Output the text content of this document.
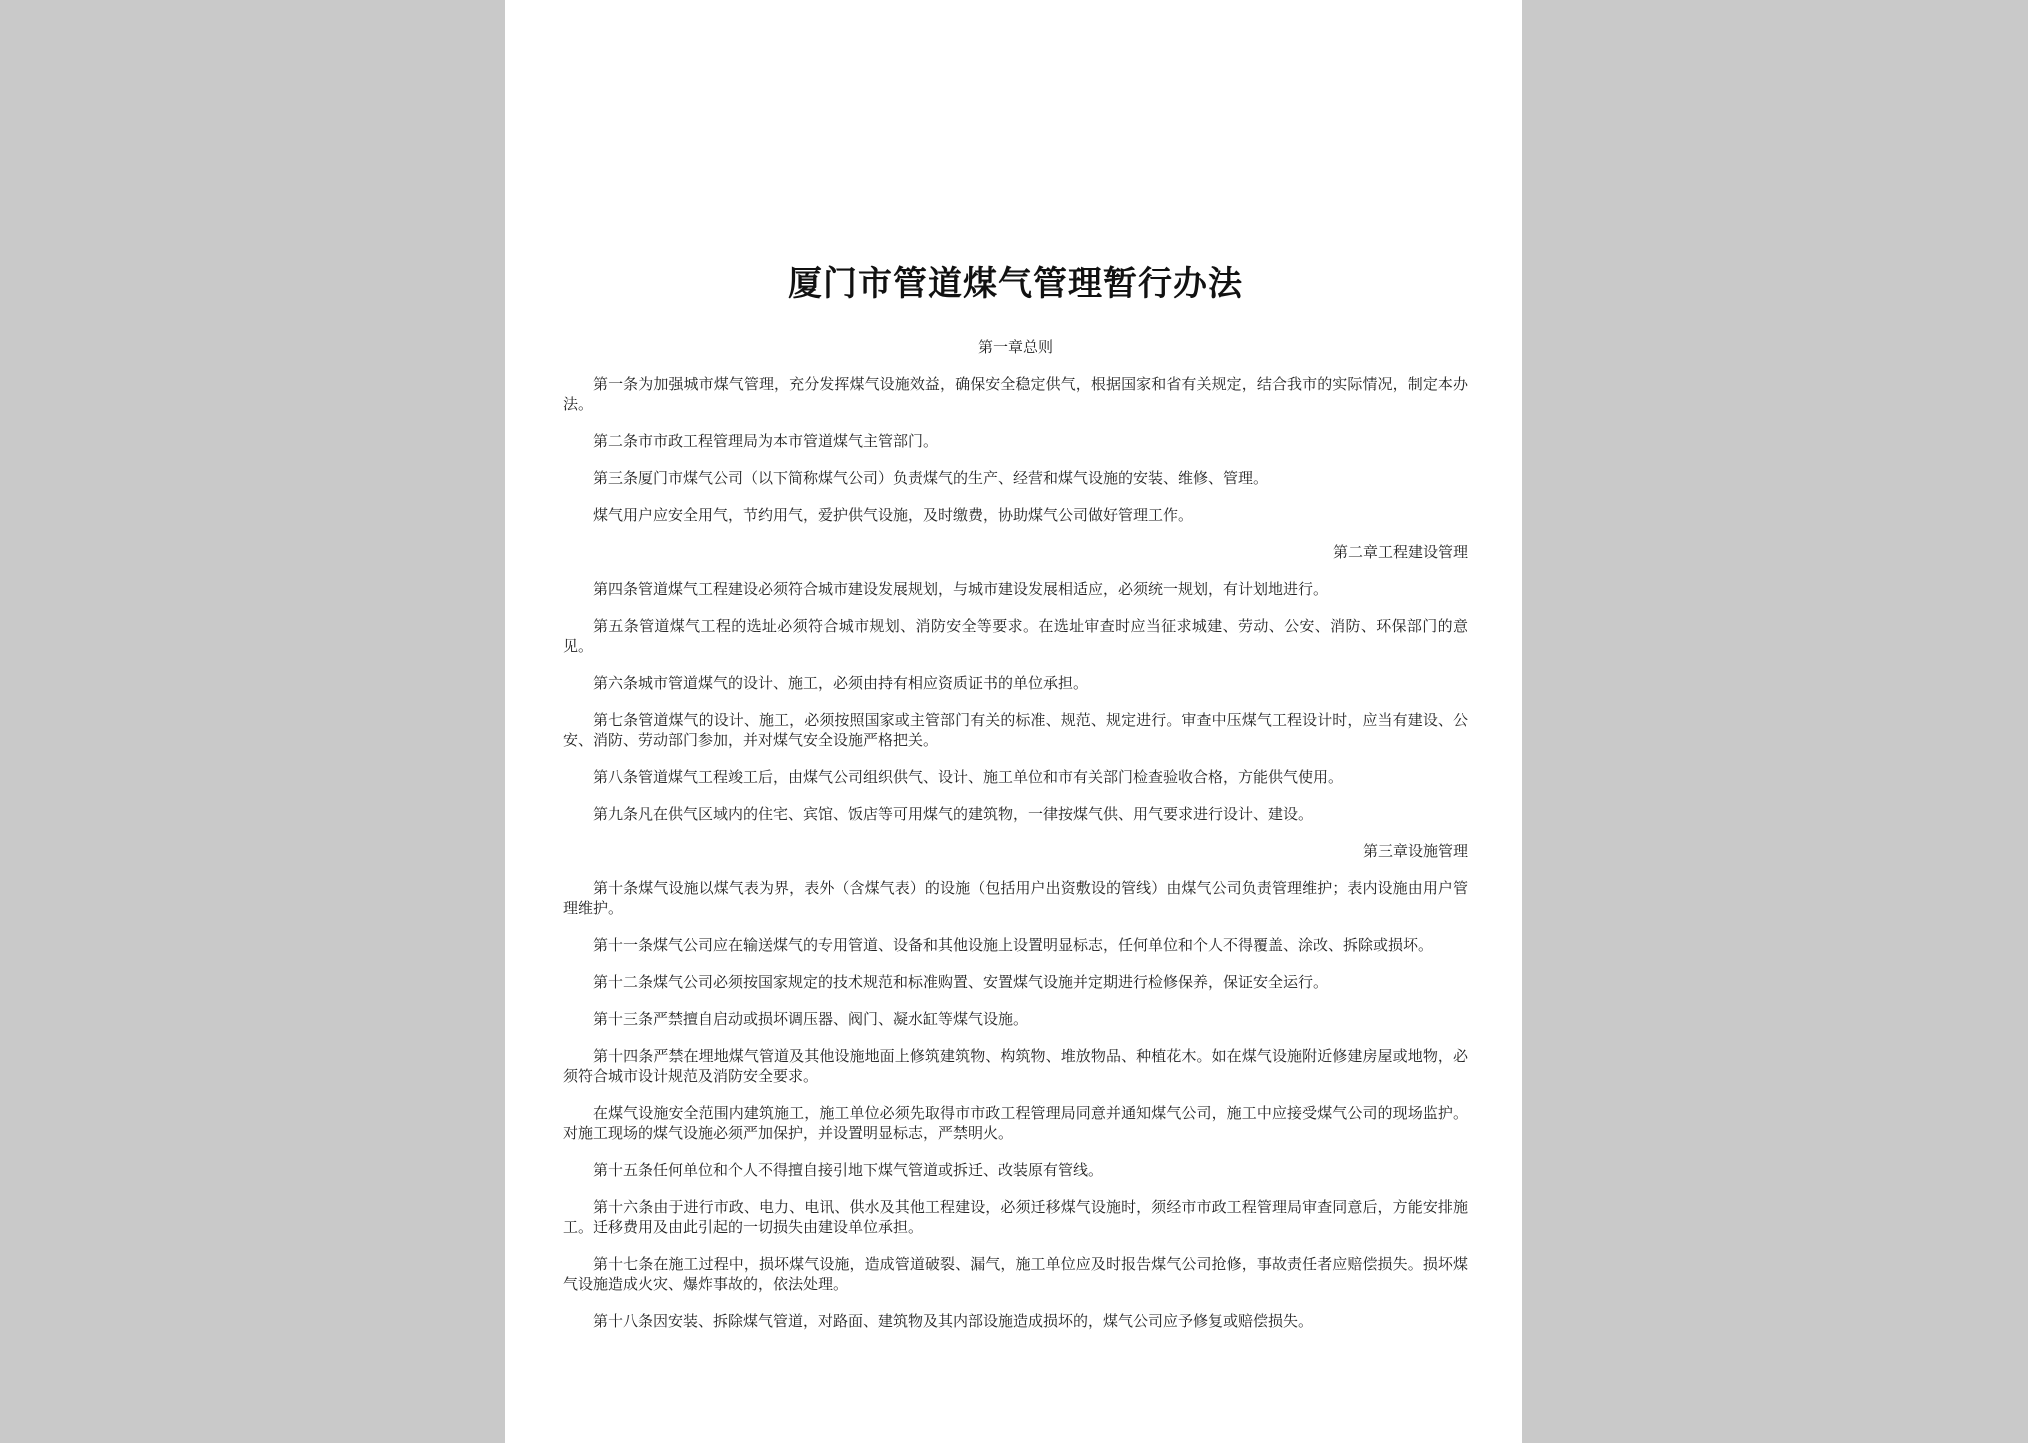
厦门市管道煤气管理暂行办法
第一章总则
第一条为加强城市煤气管理，充分发挥煤气设施效益，确保安全稳定供气，根据国家和省有关规定，结合我市的实际情况，制定本办法。
第二条市市政工程管理局为本市管道煤气主管部门。
第三条厦门市煤气公司（以下简称煤气公司）负责煤气的生产、经营和煤气设施的安装、维修、管理。
煤气用户应安全用气，节约用气，爱护供气设施，及时缴费，协助煤气公司做好管理工作。
第二章工程建设管理
第四条管道煤气工程建设必须符合城市建设发展规划，与城市建设发展相适应，必须统一规划，有计划地进行。
第五条管道煤气工程的选址必须符合城市规划、消防安全等要求。在选址审查时应当征求城建、劳动、公安、消防、环保部门的意见。
第六条城市管道煤气的设计、施工，必须由持有相应资质证书的单位承担。
第七条管道煤气的设计、施工，必须按照国家或主管部门有关的标准、规范、规定进行。审查中压煤气工程设计时，应当有建设、公安、消防、劳动部门参加，并对煤气安全设施严格把关。
第八条管道煤气工程竣工后，由煤气公司组织供气、设计、施工单位和市有关部门检查验收合格，方能供气使用。
第九条凡在供气区域内的住宅、宾馆、饭店等可用煤气的建筑物，一律按煤气供、用气要求进行设计、建设。
第三章设施管理
第十条煤气设施以煤气表为界，表外（含煤气表）的设施（包括用户出资敷设的管线）由煤气公司负责管理维护；表内设施由用户管理维护。
第十一条煤气公司应在输送煤气的专用管道、设备和其他设施上设置明显标志，任何单位和个人不得覆盖、涂改、拆除或损坏。
第十二条煤气公司必须按国家规定的技术规范和标准购置、安置煤气设施并定期进行检修保养，保证安全运行。
第十三条严禁擅自启动或损坏调压器、阀门、凝水缸等煤气设施。
第十四条严禁在埋地煤气管道及其他设施地面上修筑建筑物、构筑物、堆放物品、种植花木。如在煤气设施附近修建房屋或地物，必须符合城市设计规范及消防安全要求。
在煤气设施安全范围内建筑施工，施工单位必须先取得市市政工程管理局同意并通知煤气公司，施工中应接受煤气公司的现场监护。对施工现场的煤气设施必须严加保护，并设置明显标志，严禁明火。
第十五条任何单位和个人不得擅自接引地下煤气管道或拆迁、改装原有管线。
第十六条由于进行市政、电力、电讯、供水及其他工程建设，必须迁移煤气设施时，须经市市政工程管理局审查同意后，方能安排施工。迁移费用及由此引起的一切损失由建设单位承担。
第十七条在施工过程中，损坏煤气设施，造成管道破裂、漏气，施工单位应及时报告煤气公司抢修，事故责任者应赔偿损失。损坏煤气设施造成火灾、爆炸事故的，依法处理。
第十八条因安装、拆除煤气管道，对路面、建筑物及其内部设施造成损坏的，煤气公司应予修复或赔偿损失。
